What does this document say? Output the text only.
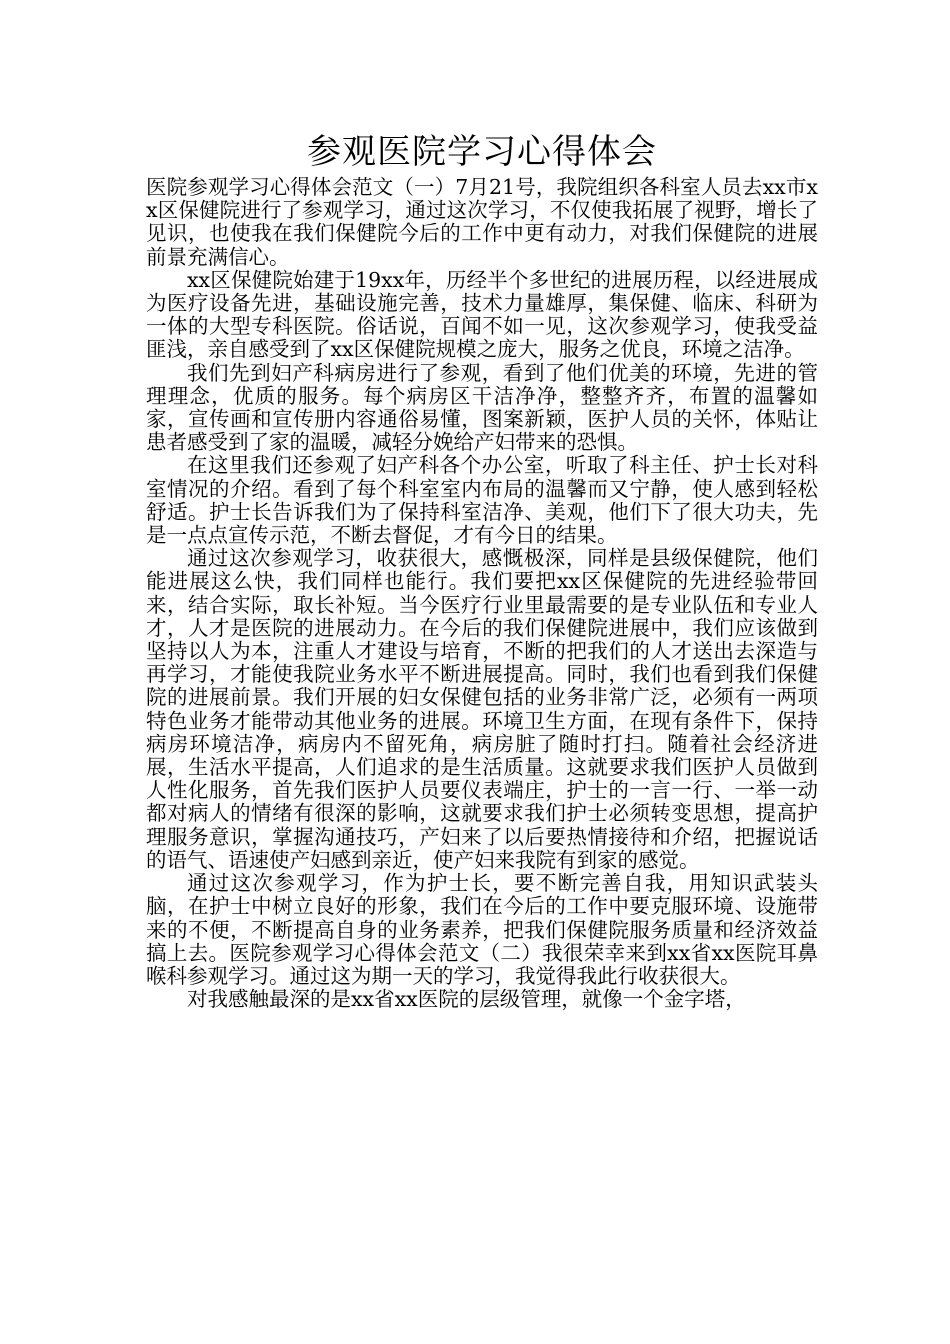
参观医院学习心得体会

医院参观学习心得体会范文（一）7月21号，我院组织各科室人员去xx市xx区保健院进行了参观学习，通过这次学习，不仅使我拓展了视野，增长了见识，也使我在我们保健院今后的工作中更有动力，对我们保健院的进展前景充满信心。

xx区保健院始建于19xx年，历经半个多世纪的进展历程，以经进展成为医疗设备先进，基础设施完善，技术力量雄厚，集保健、临床、科研为一体的大型专科医院。俗话说，百闻不如一见，这次参观学习，使我受益匪浅，亲自感受到了xx区保健院规模之庞大，服务之优良，环境之洁净。

我们先到妇产科病房进行了参观，看到了他们优美的环境，先进的管理理念，优质的服务。每个病房区干洁净净，整整齐齐，布置的温馨如家，宣传画和宣传册内容通俗易懂，图案新颖，医护人员的关怀，体贴让患者感受到了家的温暖，减轻分娩给产妇带来的恐惧。

在这里我们还参观了妇产科各个办公室，听取了科主任、护士长对科室情况的介绍。看到了每个科室室内布局的温馨而又宁静，使人感到轻松舒适。护士长告诉我们为了保持科室洁净、美观，他们下了很大功夫，先是一点点宣传示范，不断去督促，才有今日的结果。

通过这次参观学习，收获很大，感慨极深，同样是县级保健院，他们能进展这么快，我们同样也能行。我们要把xx区保健院的先进经验带回来，结合实际，取长补短。当今医疗行业里最需要的是专业队伍和专业人才，人才是医院的进展动力。在今后的我们保健院进展中，我们应该做到坚持以人为本，注重人才建设与培育，不断的把我们的人才送出去深造与再学习，才能使我院业务水平不断进展提高。同时，我们也看到我们保健院的进展前景。我们开展的妇女保健包括的业务非常广泛，必须有一两项特色业务才能带动其他业务的进展。环境卫生方面，在现有条件下，保持病房环境洁净，病房内不留死角，病房脏了随时打扫。随着社会经济进展，生活水平提高，人们追求的是生活质量。这就要求我们医护人员做到人性化服务，首先我们医护人员要仪表端庄，护士的一言一行、一举一动都对病人的情绪有很深的影响，这就要求我们护士必须转变思想，提高护理服务意识，掌握沟通技巧，产妇来了以后要热情接待和介绍，把握说话的语气、语速使产妇感到亲近，使产妇来我院有到家的感觉。

通过这次参观学习，作为护士长，要不断完善自我，用知识武装头脑，在护士中树立良好的形象，我们在今后的工作中要克服环境、设施带来的不便，不断提高自身的业务素养，把我们保健院服务质量和经济效益搞上去。医院参观学习心得体会范文（二）我很荣幸来到xx省xx医院耳鼻喉科参观学习。通过这为期一天的学习，我觉得我此行收获很大。

对我感触最深的是xx省xx医院的层级管理，就像一个金字塔，
